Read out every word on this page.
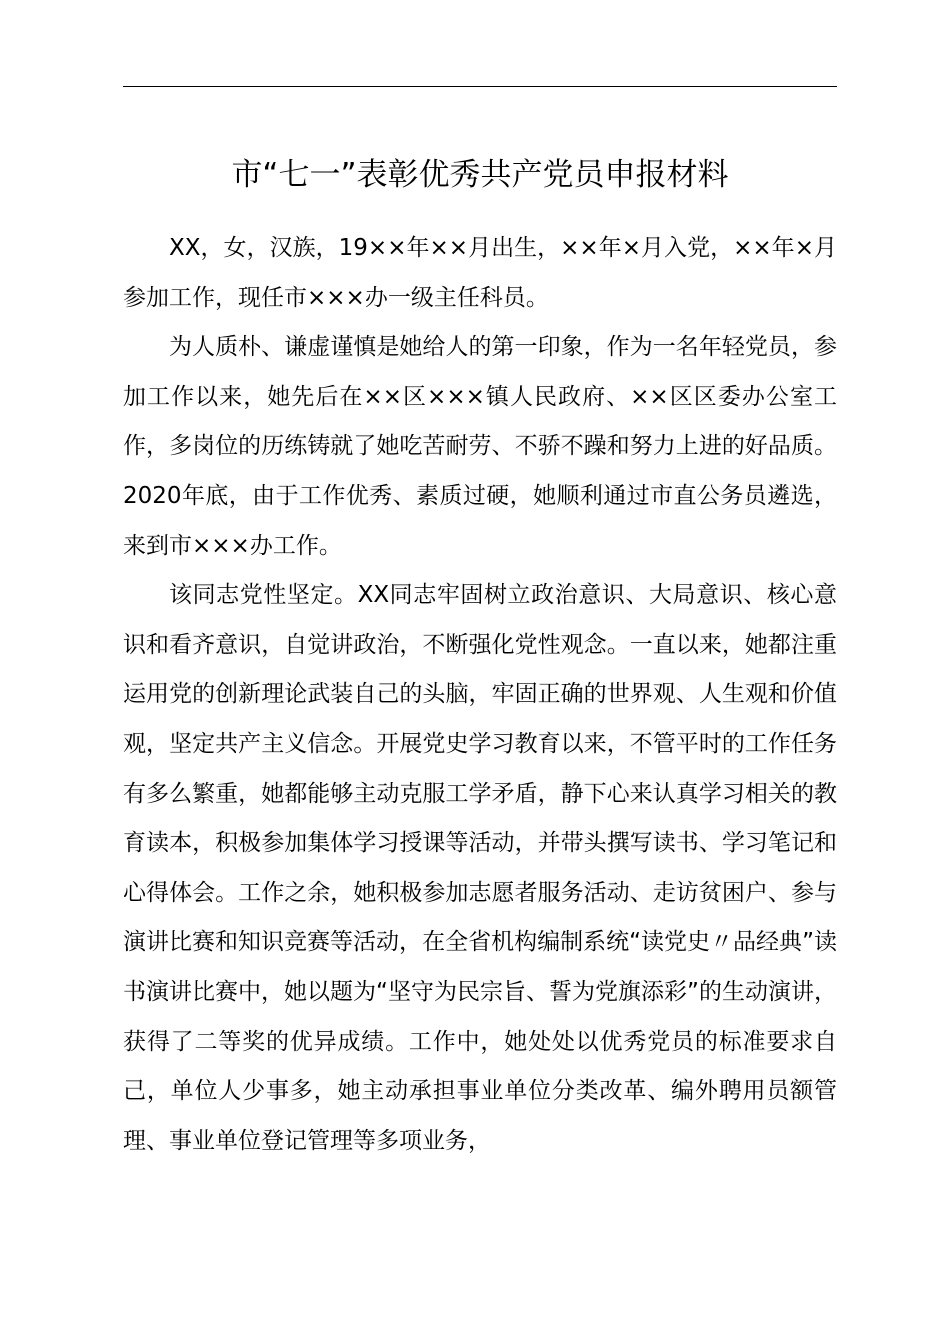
市“七一”表彰优秀共产党员申报材料

XX，女，汉族，19××年××月出生，××年×月入党，××年×月参加工作，现任市×××办一级主任科员。

为人质朴、谦虚谨慎是她给人的第一印象，作为一名年轻党员，参加工作以来，她先后在××区×××镇人民政府、××区区委办公室工作，多岗位的历练铸就了她吃苦耐劳、不骄不躁和努力上进的好品质。2020年底，由于工作优秀、素质过硬，她顺利通过市直公务员遴选，来到市×××办工作。

该同志党性坚定。XX同志牢固树立政治意识、大局意识、核心意识和看齐意识，自觉讲政治，不断强化党性观念。一直以来，她都注重运用党的创新理论武装自己的头脑，牢固正确的世界观、人生观和价值观，坚定共产主义信念。开展党史学习教育以来，不管平时的工作任务有多么繁重，她都能够主动克服工学矛盾，静下心来认真学习相关的教育读本，积极参加集体学习授课等活动，并带头撰写读书、学习笔记和心得体会。工作之余，她积极参加志愿者服务活动、走访贫困户、参与演讲比赛和知识竞赛等活动，在全省机构编制系统“读党史〃品经典”读书演讲比赛中，她以题为“坚守为民宗旨、誓为党旗添彩”的生动演讲，获得了二等奖的优异成绩。工作中，她处处以优秀党员的标准要求自己，单位人少事多，她主动承担事业单位分类改革、编外聘用员额管理、事业单位登记管理等多项业务，
